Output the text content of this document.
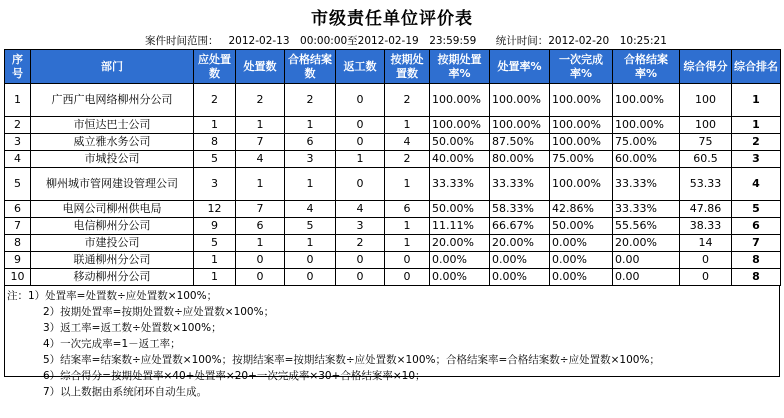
市级责任单位评价表
案件时间范围： 2012-02-13　00:00:00至2012-02-19　23:59:59 统计时间：2012-02-20　10:25:21
序号	部门	应处置数	处置数	合格结案数	返工数	按期处置数	按期处置率%	处置率%	一次完成率%	合格结案率%	综合得分	综合排名
1	广西广电网络柳州分公司	2	2	2	0	2	100.00%	100.00%	100.00%	100.00%	100	1
2	市恒达巴士公司	1	1	1	0	1	100.00%	100.00%	100.00%	100.00%	100	1
3	威立雅水务公司	8	7	6	0	4	50.00%	87.50%	100.00%	75.00%	75	2
4	市城投公司	5	4	3	1	2	40.00%	80.00%	75.00%	60.00%	60.5	3
5	柳州城市管网建设管理公司	3	1	1	0	1	33.33%	33.33%	100.00%	33.33%	53.33	4
6	电网公司柳州供电局	12	7	4	4	6	50.00%	58.33%	42.86%	33.33%	47.86	5
7	电信柳州分公司	9	6	5	3	1	11.11%	66.67%	50.00%	55.56%	38.33	6
8	市建投公司	5	1	1	2	1	20.00%	20.00%	0.00%	20.00%	14	7
9	联通柳州分公司	1	0	0	0	0	0.00%	0.00%	0.00%	0.00	0	8
10	移动柳州分公司	1	0	0	0	0	0.00%	0.00%	0.00%	0.00	0	8
注：1）处置率=处置数÷应处置数×100%；
2）按期处置率=按期处置数÷应处置数×100%；
3）返工率=返工数÷处置数×100%；
4）一次完成率=1－返工率；
5）结案率=结案数÷应处置数×100%；按期结案率=按期结案数÷应处置数×100%；合格结案率=合格结案数÷应处置数×100%；
6）综合得分=按期处置率×40+处置率×20+一次完成率×30+合格结案率×10；
7）以上数据由系统闭环自动生成。
